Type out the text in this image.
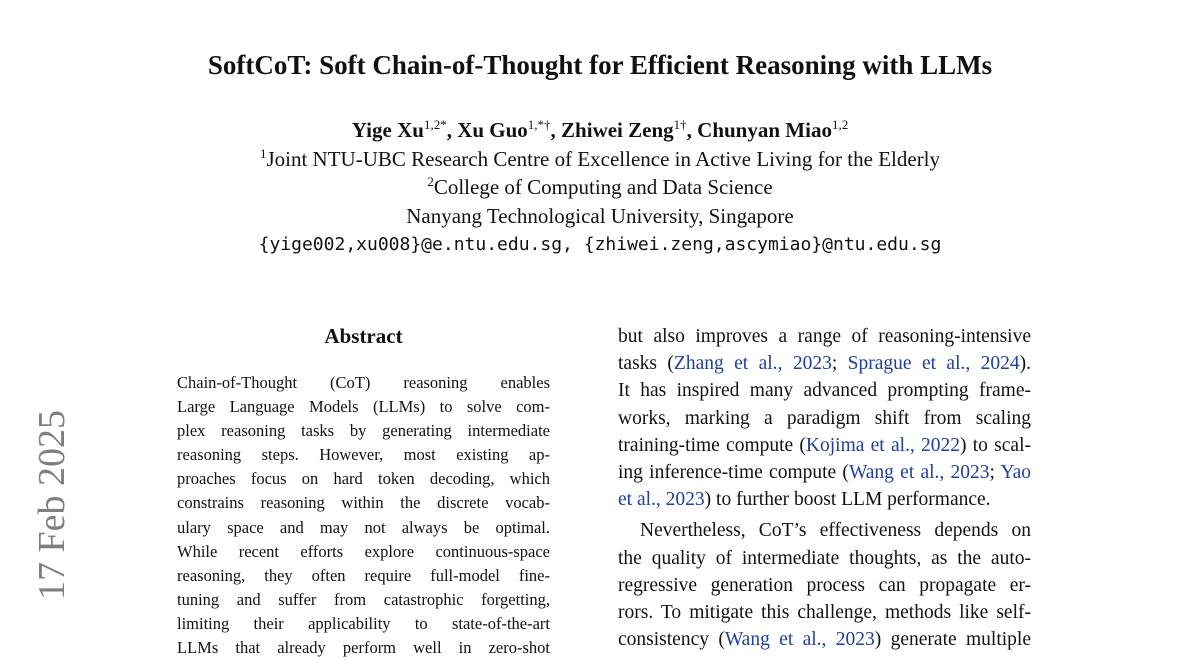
17 Feb 2025
SoftCoT: Soft Chain-of-Thought for Efficient Reasoning with LLMs
Yige $Xu^{1,2*}$, Xu Guo$^{1,*\dagger}$, Zhiwei Zeng$^{1\dagger}$, Chunyan Miao$^{1,2}$
$^1$Joint NTU-UBC Research Centre of Excellence in Active Living for the Elderly
$^2$College of Computing and Data Science
Nanyang Technological University, Singapore
{yige002,xu008}@e.ntu.edu.sg, {zhiwei.zeng,ascymiao}@ntu.edu.sg
Abstract
Chain-of-Thought (CoT) reasoning enables
Large Language Models (LLMs) to solve com-
plex reasoning tasks by generating intermediate
reasoning steps. However, most existing ap-
proaches focus on hard token decoding, which
constrains reasoning within the discrete vocab-
ulary space and may not always be optimal.
While recent efforts explore continuous-space
reasoning, they often require full-model fine-
tuning and suffer from catastrophic forgetting,
limiting their applicability to state-of-the-art
LLMs that already perform well in zero-shot
but also improves a range of reasoning-intensive
tasks (Zhang et al., 2023; Sprague et al., 2024).
It has inspired many advanced prompting frame-
works, marking a paradigm shift from scaling
training-time compute (Kojima et al., 2022) to scal-
ing inference-time compute (Wang et al., 2023; Yao
et al., 2023) to further boost LLM performance.
Nevertheless, CoT’s effectiveness depends on
the quality of intermediate thoughts, as the auto-
regressive generation process can propagate er-
rors. To mitigate this challenge, methods like self-
consistency (Wang et al., 2023) generate multiple
